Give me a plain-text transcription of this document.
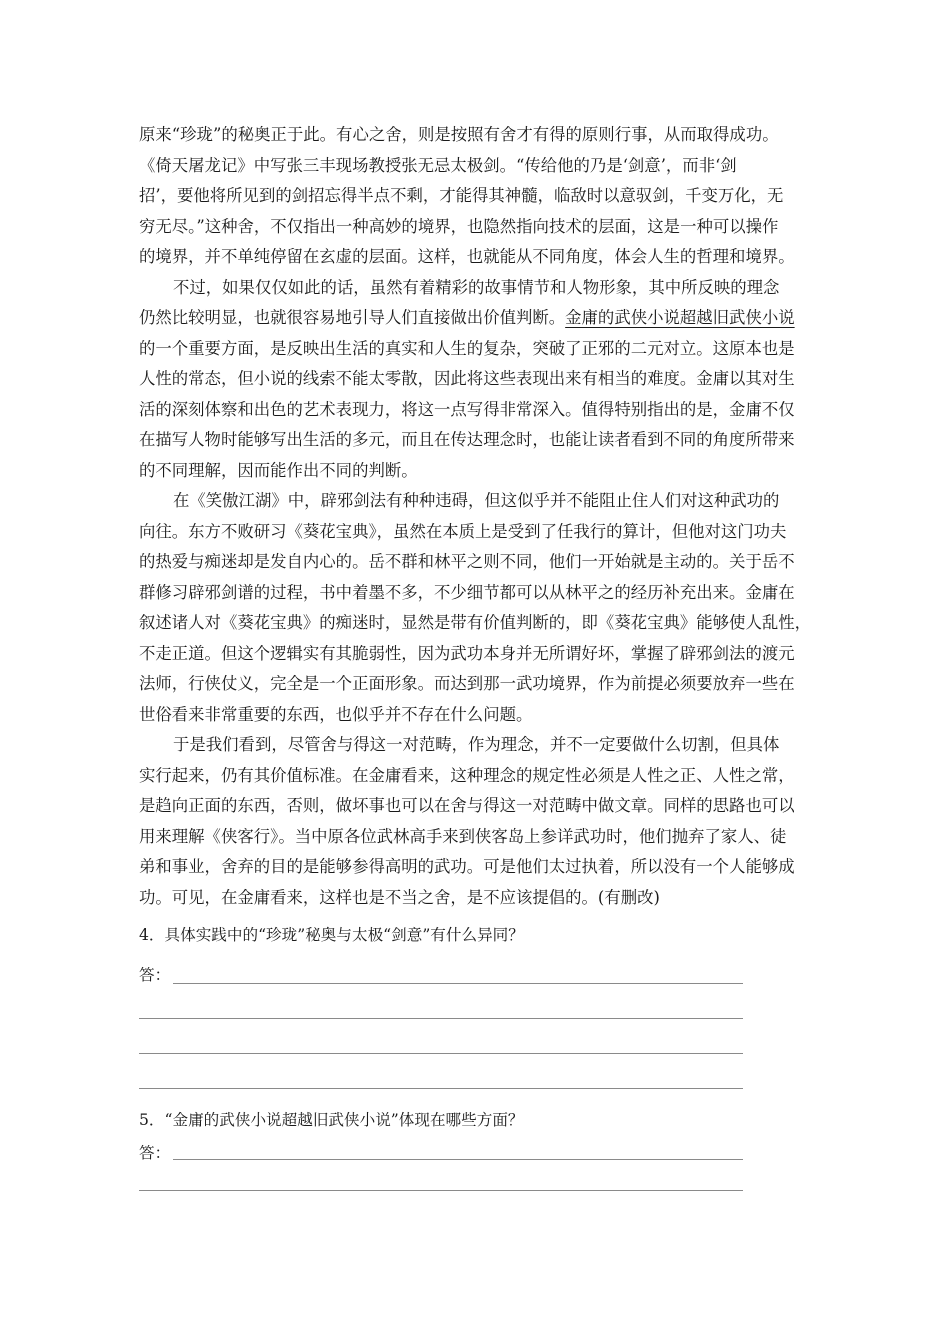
原来“珍珑”的秘奥正于此。有心之舍，则是按照有舍才有得的原则行事，从而取得成功。
《倚天屠龙记》中写张三丰现场教授张无忌太极剑。“传给他的乃是‘剑意’，而非‘剑
招’，要他将所见到的剑招忘得半点不剩，才能得其神髓，临敌时以意驭剑，千变万化，无
穷无尽。”这种舍，不仅指出一种高妙的境界，也隐然指向技术的层面，这是一种可以操作
的境界，并不单纯停留在玄虚的层面。这样，也就能从不同角度，体会人生的哲理和境界。
不过，如果仅仅如此的话，虽然有着精彩的故事情节和人物形象，其中所反映的理念
仍然比较明显，也就很容易地引导人们直接做出价值判断。金庸的武侠小说超越旧武侠小说
的一个重要方面，是反映出生活的真实和人生的复杂，突破了正邪的二元对立。这原本也是
人性的常态，但小说的线索不能太零散，因此将这些表现出来有相当的难度。金庸以其对生
活的深刻体察和出色的艺术表现力，将这一点写得非常深入。值得特别指出的是，金庸不仅
在描写人物时能够写出生活的多元，而且在传达理念时，也能让读者看到不同的角度所带来
的不同理解，因而能作出不同的判断。
在《笑傲江湖》中，辟邪剑法有种种违碍，但这似乎并不能阻止住人们对这种武功的
向往。东方不败研习《葵花宝典》，虽然在本质上是受到了任我行的算计，但他对这门功夫
的热爱与痴迷却是发自内心的。岳不群和林平之则不同，他们一开始就是主动的。关于岳不
群修习辟邪剑谱的过程，书中着墨不多，不少细节都可以从林平之的经历补充出来。金庸在
叙述诸人对《葵花宝典》的痴迷时，显然是带有价值判断的，即《葵花宝典》能够使人乱性，
不走正道。但这个逻辑实有其脆弱性，因为武功本身并无所谓好坏，掌握了辟邪剑法的渡元
法师，行侠仗义，完全是一个正面形象。而达到那一武功境界，作为前提必须要放弃一些在
世俗看来非常重要的东西，也似乎并不存在什么问题。
于是我们看到，尽管舍与得这一对范畴，作为理念，并不一定要做什么切割，但具体
实行起来，仍有其价值标准。在金庸看来，这种理念的规定性必须是人性之正、人性之常，
是趋向正面的东西，否则，做坏事也可以在舍与得这一对范畴中做文章。同样的思路也可以
用来理解《侠客行》。当中原各位武林高手来到侠客岛上参详武功时，他们抛弃了家人、徒
弟和事业，舍弃的目的是能够参得高明的武功。可是他们太过执着，所以没有一个人能够成
功。可见，在金庸看来，这样也是不当之舍，是不应该提倡的。(有删改)
4．具体实践中的“珍珑”秘奥与太极“剑意”有什么异同？
答：
5．“金庸的武侠小说超越旧武侠小说”体现在哪些方面？
答：
